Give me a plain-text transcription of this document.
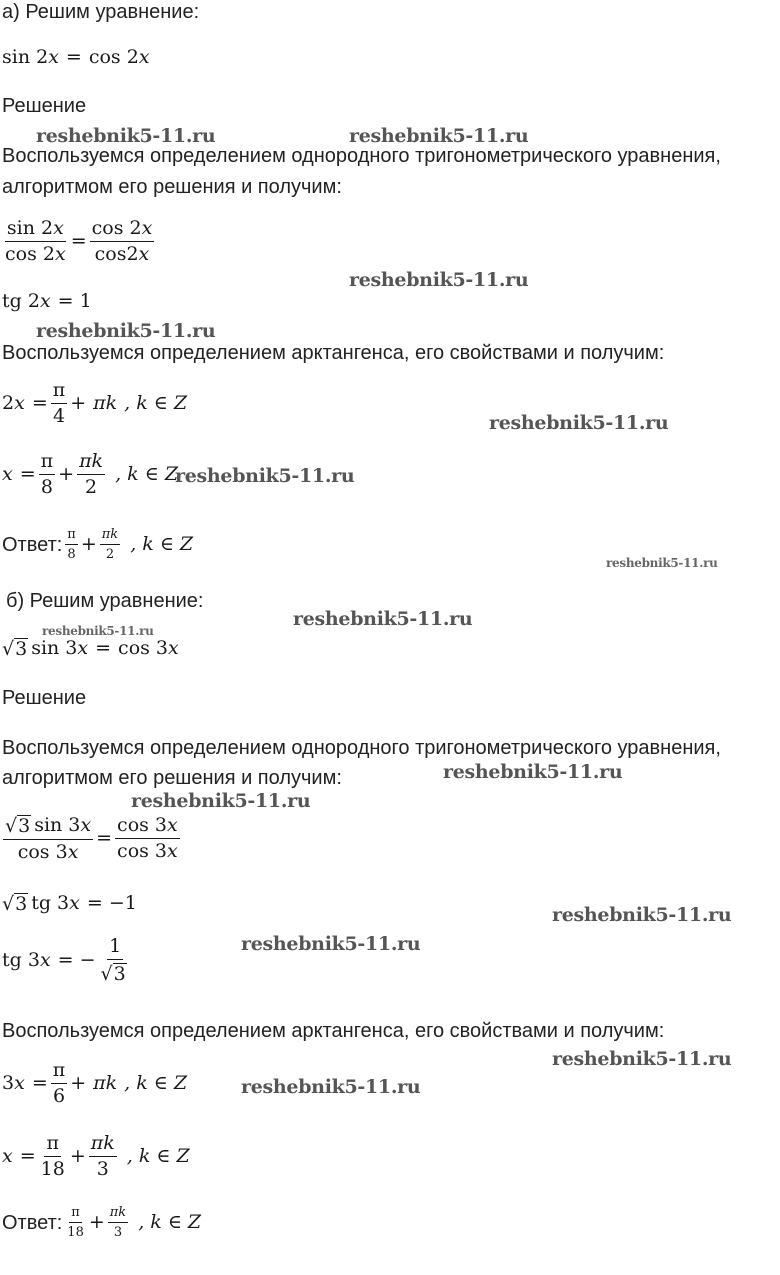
а) Решим уравнение:
sin 2 x = cos 2 x
Решение
Воспользуемся определением однородного тригонометрического уравнения,
алгоритмом его решения и получим:
$\frac{\sin 2 x}{\cos 2 x} = \frac{\cos 2 x}{\cos 2 x}$
tg 2 x = 1
Воспользуемся определением арктангенса, его свойствами и получим:
2 $x = \frac{\pi}{4} + \pi k$ , k ∈ Z
$x = \frac{\pi}{8} + \frac{\pi k}{2}$ , k ∈ Z
Ответ: $\frac{\pi}{8} + \frac{\pi k}{2}$ , k ∈ Z
б) Решим уравнение:
√ 3 sin 3 x = cos 3 x
Решение
Воспользуемся определением однородного тригонометрического уравнения,
алгоритмом его решения и получим:
$\frac{√ 3 \sin 3 x}{\cos 3 x} = \frac{\cos 3 x}{\cos 3 x}$
√ 3 tg 3 x = −1
tg 3 x = − $\frac{1}{√ 3}$
Воспользуемся определением арктангенса, его свойствами и получим:
3 $x = \frac{\pi}{6} + \pi k$ , k ∈ Z
$x = \frac{\pi}{18} + \frac{\pi k}{3}$ , k ∈ Z
Ответ: $\frac{\pi}{18} + \frac{\pi k}{3}$ , k ∈ Z
reshebnik5-11.ru	reshebnik5-11.ru
reshebnik5-11.ru
reshebnik5-11.ru
reshebnik5-11.ru
reshebnik5-11.ru
reshebnik5-11.ru
reshebnik5-11.ru
reshebnik5-11.ru
reshebnik5-11.ru
reshebnik5-11.ru
reshebnik5-11.ru
reshebnik5-11.ru
reshebnik5-11.ru
reshebnik5-11.ru
